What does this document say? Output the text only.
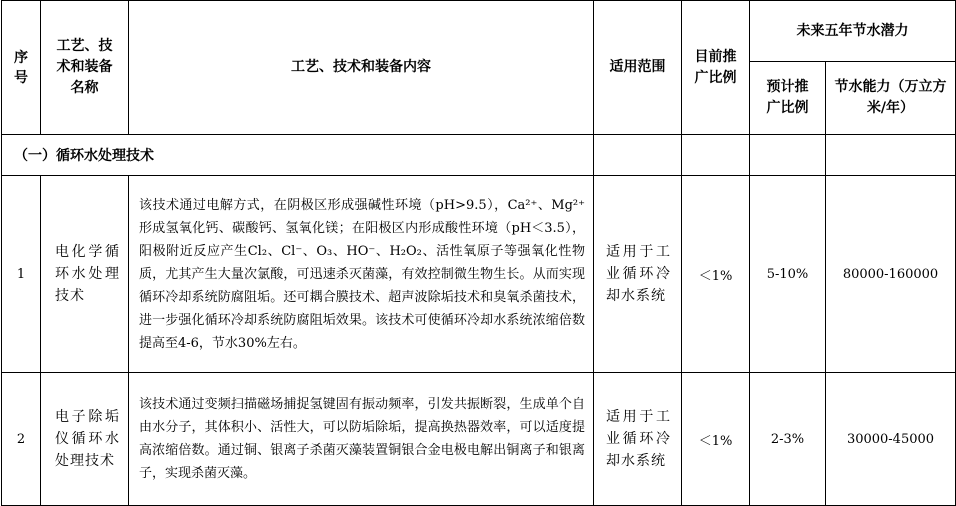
序号	工艺、技术和装备名称	工艺、技术和装备内容	适用范围	目前推广比例	未来五年节水潜力	
					预计推广比例	节水能力（万立方米/年）
（一）循环水处理技术						
1	电化学循环水处理技术	该技术通过电解方式，在阴极区形成强碱性环境（pH>9.5），Ca²⁺、Mg²⁺形成氢氧化钙、碳酸钙、氢氧化镁；在阳极区内形成酸性环境（pH＜3.5），阳极附近反应产生Cl₂、Cl⁻、O₃、HO⁻、H₂O₂、活性氧原子等强氧化性物质，尤其产生大量次氯酸，可迅速杀灭菌藻，有效控制微生物生长。从而实现循环冷却系统防腐阻垢。还可耦合膜技术、超声波除垢技术和臭氧杀菌技术，进一步强化循环冷却系统防腐阻垢效果。该技术可使循环冷却水系统浓缩倍数提高至4-6，节水30%左右。	适用于工业循环冷却水系统	＜1%	5-10%	80000-160000
2	电子除垢仪循环水处理技术	该技术通过变频扫描磁场捕捉氢键固有振动频率，引发共振断裂，生成单个自由水分子，其体积小、活性大，可以防垢除垢，提高换热器效率，可以适度提高浓缩倍数。通过铜、银离子杀菌灭藻装置铜银合金电极电解出铜离子和银离子，实现杀菌灭藻。	适用于工业循环冷却水系统	＜1%	2-3%	30000-45000
